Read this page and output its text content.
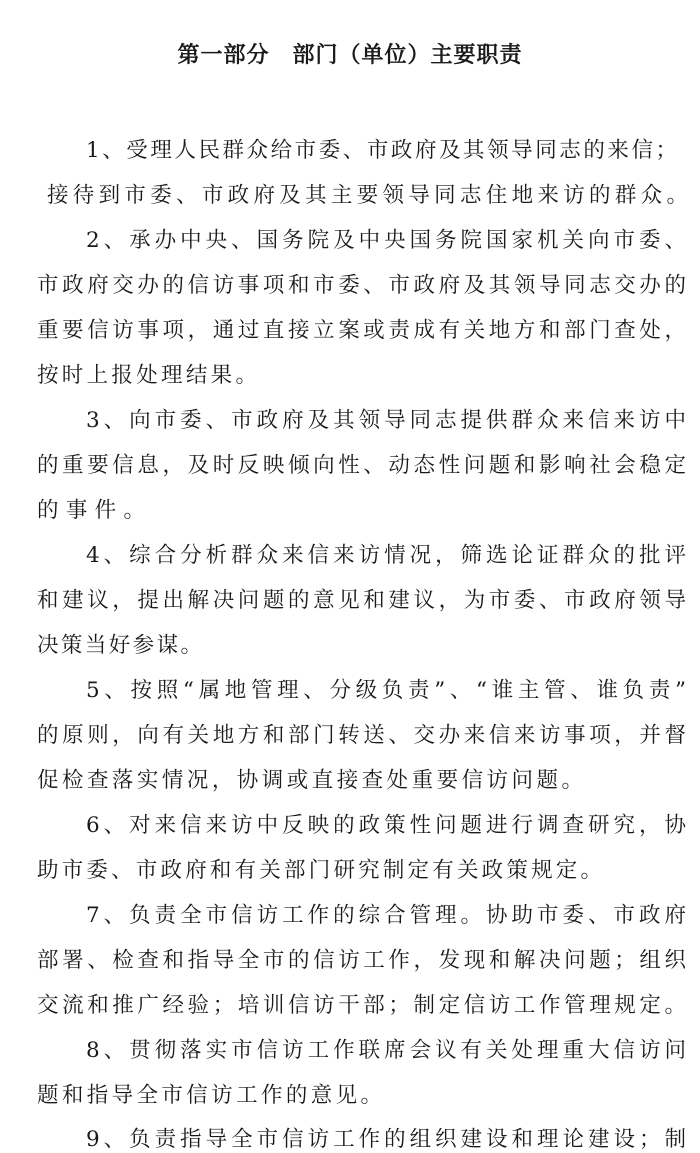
第一部分　部门（单位）主要职责
1、受理人民群众给市委、市政府及其领导同志的来信；
接待到市委、市政府及其主要领导同志住地来访的群众。
2、承办中央、国务院及中央国务院国家机关向市委、
市政府交办的信访事项和市委、市政府及其领导同志交办的
重要信访事项，通过直接立案或责成有关地方和部门查处，
按时上报处理结果。
3、向市委、市政府及其领导同志提供群众来信来访中
的重要信息，及时反映倾向性、动态性问题和影响社会稳定
的事件。
4、综合分析群众来信来访情况，筛选论证群众的批评
和建议，提出解决问题的意见和建议，为市委、市政府领导
决策当好参谋。
5、按照“属地管理、分级负责”、“谁主管、谁负责”
的原则，向有关地方和部门转送、交办来信来访事项，并督
促检查落实情况，协调或直接查处重要信访问题。
6、对来信来访中反映的政策性问题进行调查研究，协
助市委、市政府和有关部门研究制定有关政策规定。
7、负责全市信访工作的综合管理。协助市委、市政府
部署、检查和指导全市的信访工作，发现和解决问题；组织
交流和推广经验；培训信访干部；制定信访工作管理规定。
8、贯彻落实市信访工作联席会议有关处理重大信访问
题和指导全市信访工作的意见。
9、负责指导全市信访工作的组织建设和理论建设；制
